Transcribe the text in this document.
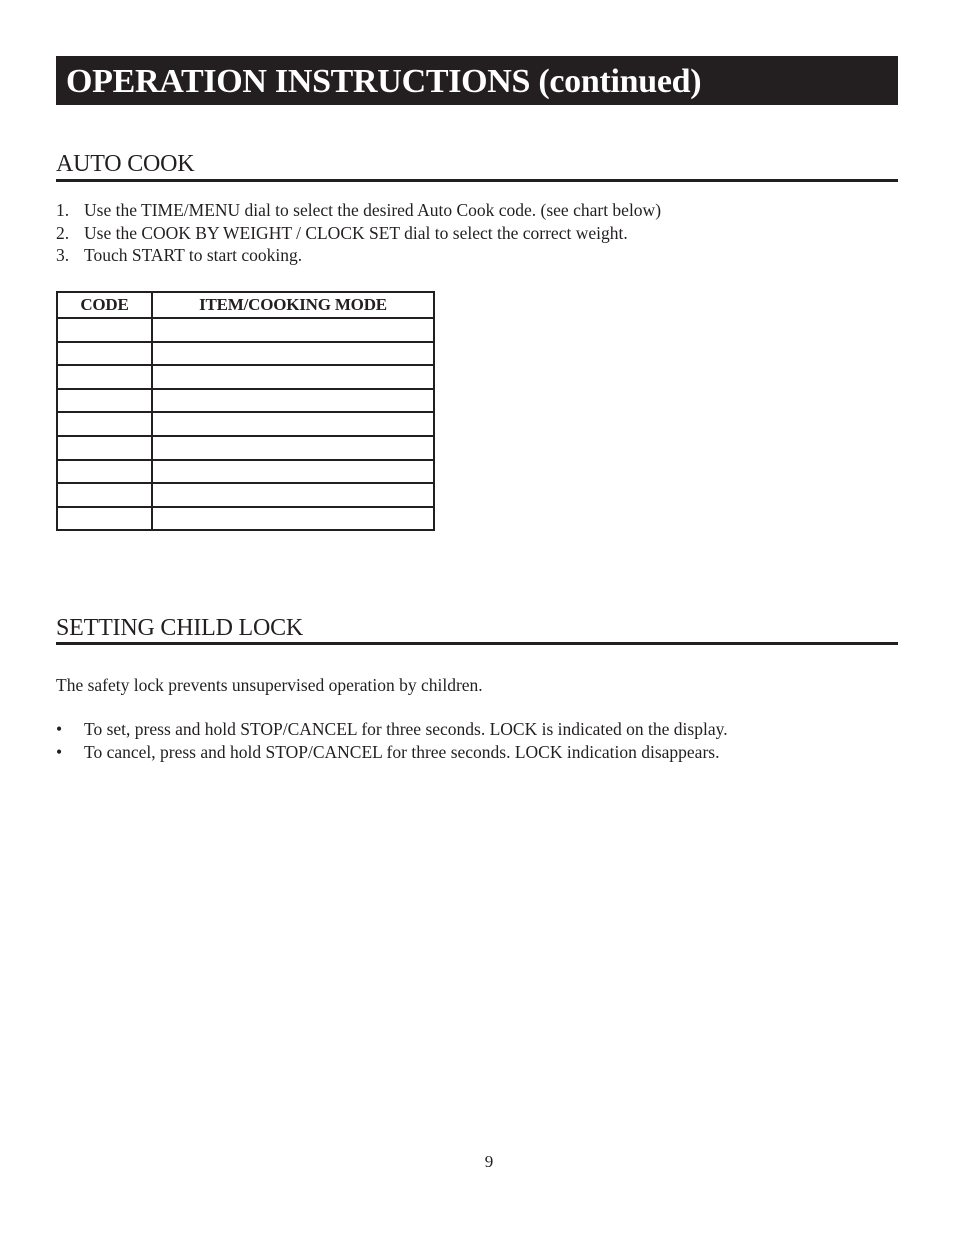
OPERATION INSTRUCTIONS (continued)
AUTO COOK
1. Use the TIME/MENU dial to select the desired Auto Cook code. (see chart below)
2. Use the COOK BY WEIGHT / CLOCK SET dial to select the correct weight.
3. Touch START to start cooking.
CODE	ITEM/COOKING MODE

SETTING CHILD LOCK

The safety lock prevents unsupervised operation by children.

•	To set, press and hold STOP/CANCEL for three seconds. LOCK is indicated on the display.
•	To cancel, press and hold STOP/CANCEL for three seconds. LOCK indication disappears.
9
